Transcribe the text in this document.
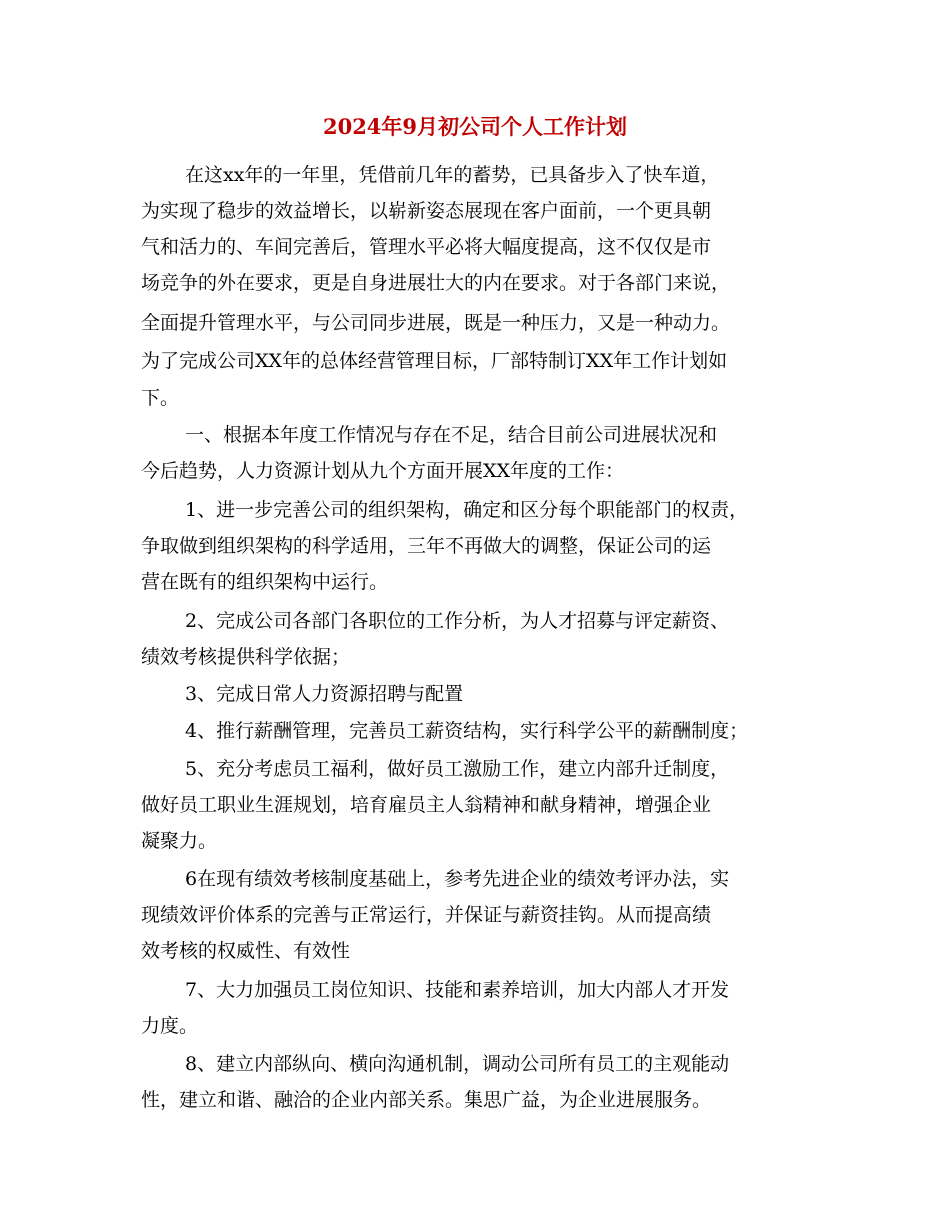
2024年9月初公司个人工作计划
在这xx年的一年里，凭借前几年的蓄势，已具备步入了快车道，
为实现了稳步的效益增长，以崭新姿态展现在客户面前，一个更具朝
气和活力的、车间完善后，管理水平必将大幅度提高，这不仅仅是市
场竞争的外在要求，更是自身进展壮大的内在要求。对于各部门来说，
全面提升管理水平，与公司同步进展，既是一种压力，又是一种动力。
为了完成公司XX年的总体经营管理目标，厂部特制订XX年工作计划如
下。
一、根据本年度工作情况与存在不足，结合目前公司进展状况和
今后趋势，人力资源计划从九个方面开展XX年度的工作：
1、进一步完善公司的组织架构，确定和区分每个职能部门的权责，
争取做到组织架构的科学适用，三年不再做大的调整，保证公司的运
营在既有的组织架构中运行。
2、完成公司各部门各职位的工作分析，为人才招募与评定薪资、
绩效考核提供科学依据；
3、完成日常人力资源招聘与配置
4、推行薪酬管理，完善员工薪资结构，实行科学公平的薪酬制度；
5、充分考虑员工福利，做好员工激励工作，建立内部升迁制度，
做好员工职业生涯规划，培育雇员主人翁精神和献身精神，增强企业
凝聚力。
6在现有绩效考核制度基础上，参考先进企业的绩效考评办法，实
现绩效评价体系的完善与正常运行，并保证与薪资挂钩。从而提高绩
效考核的权威性、有效性
7、大力加强员工岗位知识、技能和素养培训，加大内部人才开发
力度。
8、建立内部纵向、横向沟通机制，调动公司所有员工的主观能动
性，建立和谐、融洽的企业内部关系。集思广益，为企业进展服务。
